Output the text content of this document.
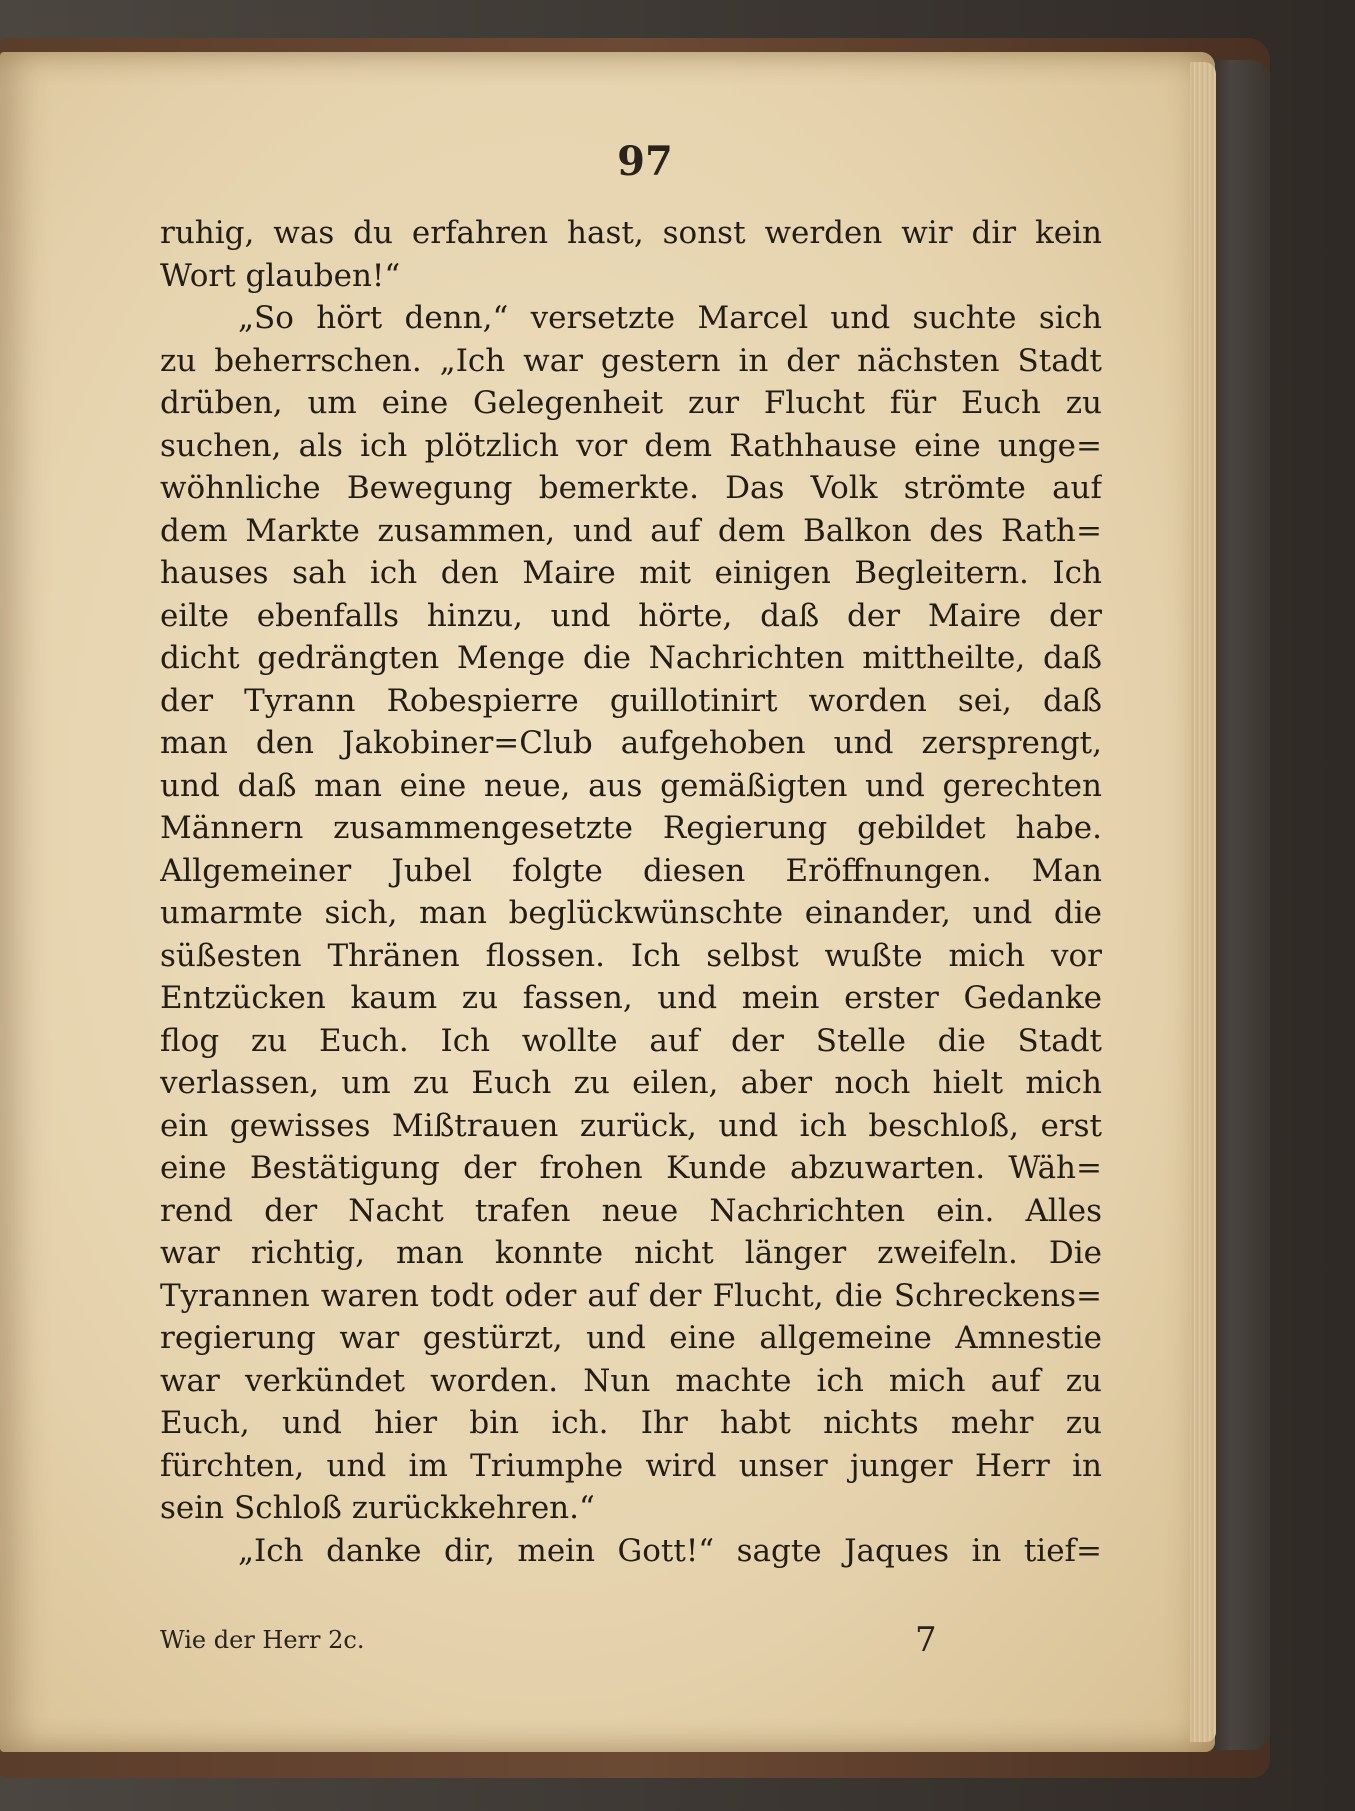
97
ruhig, was du erfahren hast, sonst werden wir dir kein
Wort glauben!“
„So hört denn,“ versetzte Marcel und suchte sich
zu beherrschen. „Ich war gestern in der nächsten Stadt
drüben, um eine Gelegenheit zur Flucht für Euch zu
suchen, als ich plötzlich vor dem Rathhause eine unge=
wöhnliche Bewegung bemerkte. Das Volk strömte auf
dem Markte zusammen, und auf dem Balkon des Rath=
hauses sah ich den Maire mit einigen Begleitern. Ich
eilte ebenfalls hinzu, und hörte, daß der Maire der
dicht gedrängten Menge die Nachrichten mittheilte, daß
der Tyrann Robespierre guillotinirt worden sei, daß
man den Jakobiner=Club aufgehoben und zersprengt,
und daß man eine neue, aus gemäßigten und gerechten
Männern zusammengesetzte Regierung gebildet habe.
Allgemeiner Jubel folgte diesen Eröffnungen. Man
umarmte sich, man beglückwünschte einander, und die
süßesten Thränen flossen. Ich selbst wußte mich vor
Entzücken kaum zu fassen, und mein erster Gedanke
flog zu Euch. Ich wollte auf der Stelle die Stadt
verlassen, um zu Euch zu eilen, aber noch hielt mich
ein gewisses Mißtrauen zurück, und ich beschloß, erst
eine Bestätigung der frohen Kunde abzuwarten. Wäh=
rend der Nacht trafen neue Nachrichten ein. Alles
war richtig, man konnte nicht länger zweifeln. Die
Tyrannen waren todt oder auf der Flucht, die Schreckens=
regierung war gestürzt, und eine allgemeine Amnestie
war verkündet worden. Nun machte ich mich auf zu
Euch, und hier bin ich. Ihr habt nichts mehr zu
fürchten, und im Triumphe wird unser junger Herr in
sein Schloß zurückkehren.“
„Ich danke dir, mein Gott!“ sagte Jaques in tief=
Wie der Herr 2c.	7
